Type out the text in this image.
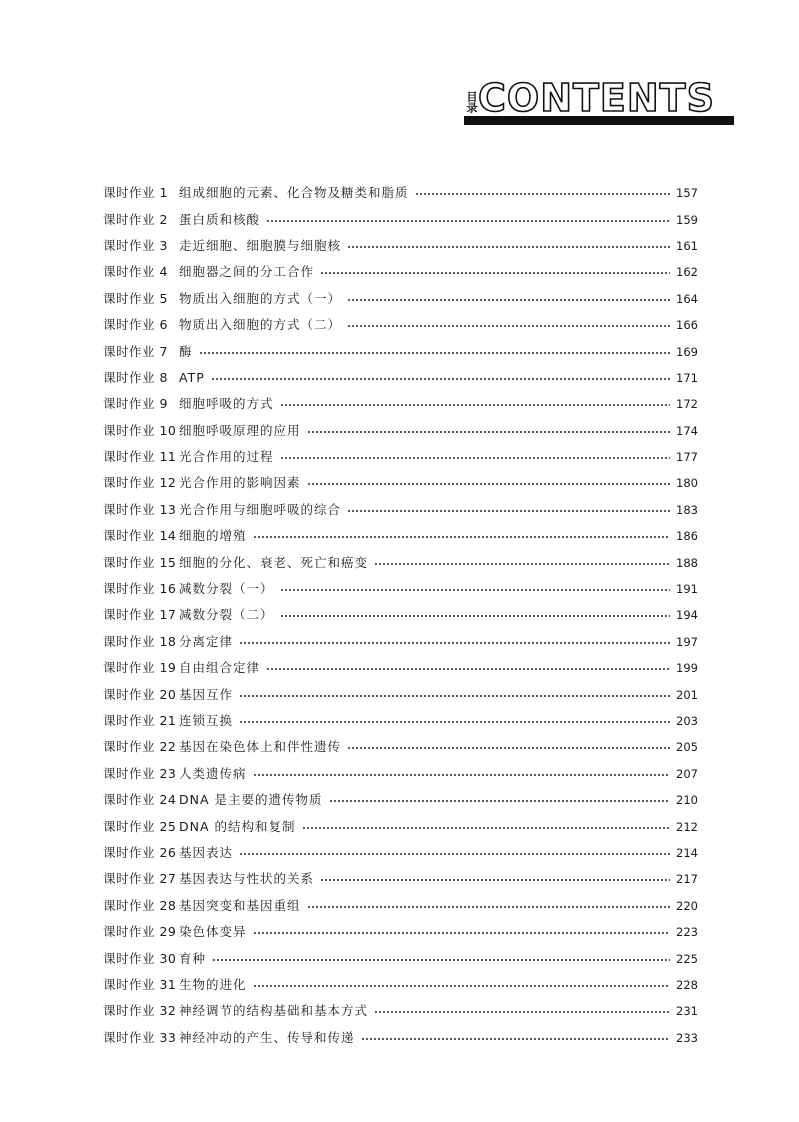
目录 CONTENTS
课时作业 1 组成细胞的元素、化合物及糖类和脂质	157
课时作业 2 蛋白质和核酸	159
课时作业 3 走近细胞、细胞膜与细胞核	161
课时作业 4 细胞器之间的分工合作	162
课时作业 5 物质出入细胞的方式（一）	164
课时作业 6 物质出入细胞的方式（二）	166
课时作业 7 酶	169
课时作业 8 ATP	171
课时作业 9 细胞呼吸的方式	172
课时作业 10 细胞呼吸原理的应用	174
课时作业 11 光合作用的过程	177
课时作业 12 光合作用的影响因素	180
课时作业 13 光合作用与细胞呼吸的综合	183
课时作业 14 细胞的增殖	186
课时作业 15 细胞的分化、衰老、死亡和癌变	188
课时作业 16 减数分裂（一）	191
课时作业 17 减数分裂（二）	194
课时作业 18 分离定律	197
课时作业 19 自由组合定律	199
课时作业 20 基因互作	201
课时作业 21 连锁互换	203
课时作业 22 基因在染色体上和伴性遗传	205
课时作业 23 人类遗传病	207
课时作业 24 DNA 是主要的遗传物质	210
课时作业 25 DNA 的结构和复制	212
课时作业 26 基因表达	214
课时作业 27 基因表达与性状的关系	217
课时作业 28 基因突变和基因重组	220
课时作业 29 染色体变异	223
课时作业 30 育种	225
课时作业 31 生物的进化	228
课时作业 32 神经调节的结构基础和基本方式	231
课时作业 33 神经冲动的产生、传导和传递	233
